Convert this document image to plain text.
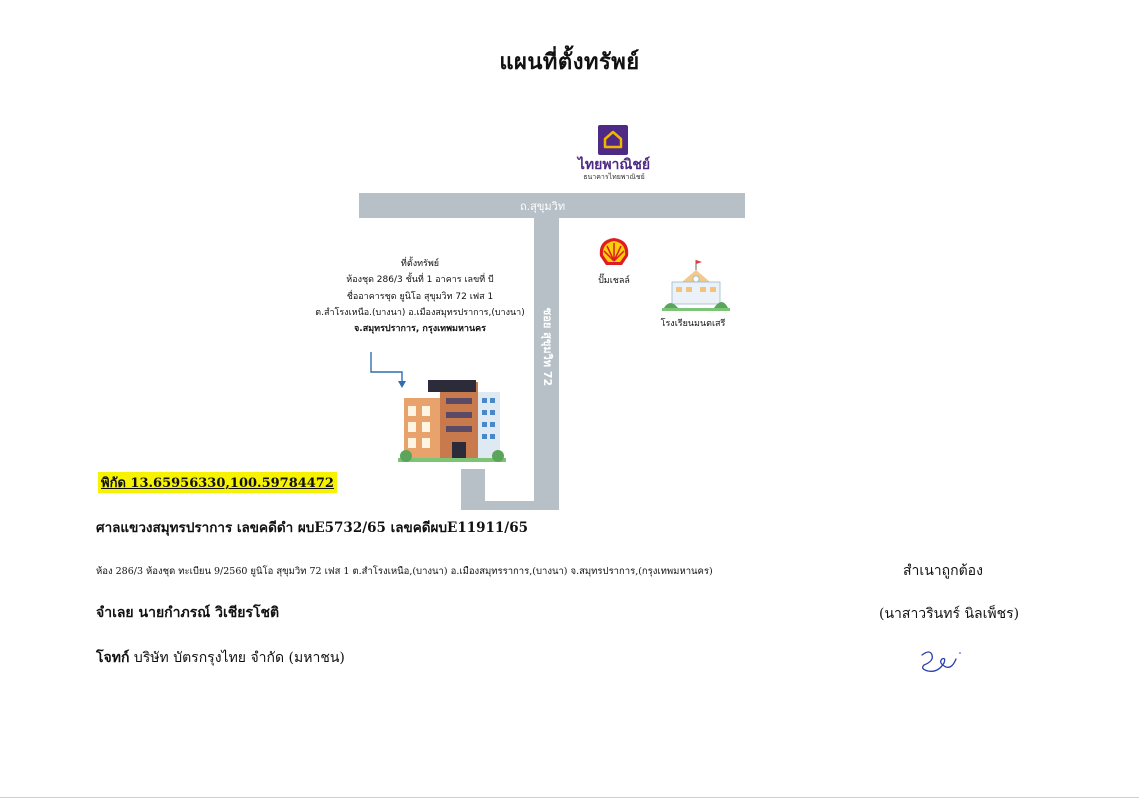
แผนที่ตั้งทรัพย์
ถ.สุขุมวิท
ซอย สุขุมวิท 72
ไทยพาณิชย์
ธนาคารไทยพาณิชย์
ปั๊มเชลล์
โรงเรียนมนตเสรี
ที่ตั้งทรัพย์
ห้องชุด 286/3 ชั้นที่ 1 อาคาร เลขที่ บี
ชื่ออาคารชุด ยูนิโอ สุขุมวิท 72 เฟส 1
ต.สำโรงเหนือ.(บางนา) อ.เมืองสมุทรปราการ,(บางนา)
จ.สมุทรปราการ, กรุงเทพมหานคร
พิกัด 13.65956330,100.59784472
ศาลแขวงสมุทรปราการ เลขคดีดำ ผบE5732/65 เลขคดีผบE11911/65
ห้อง 286/3 ห้องชุด ทะเบียน 9/2560 ยูนิโอ สุขุมวิท 72 เฟส 1 ต.สำโรงเหนือ,(บางนา) อ.เมืองสมุทรราการ,(บางนา) จ.สมุทรปราการ,(กรุงเทพมหานคร)	สำเนาถูกต้อง
จำเลย นายกำภรณ์ วิเชียรโชติ	(นาสาวรินทร์ นิลเพ็ชร)
โจทก์ บริษัท บัตรกรุงไทย จำกัด (มหาชน)
